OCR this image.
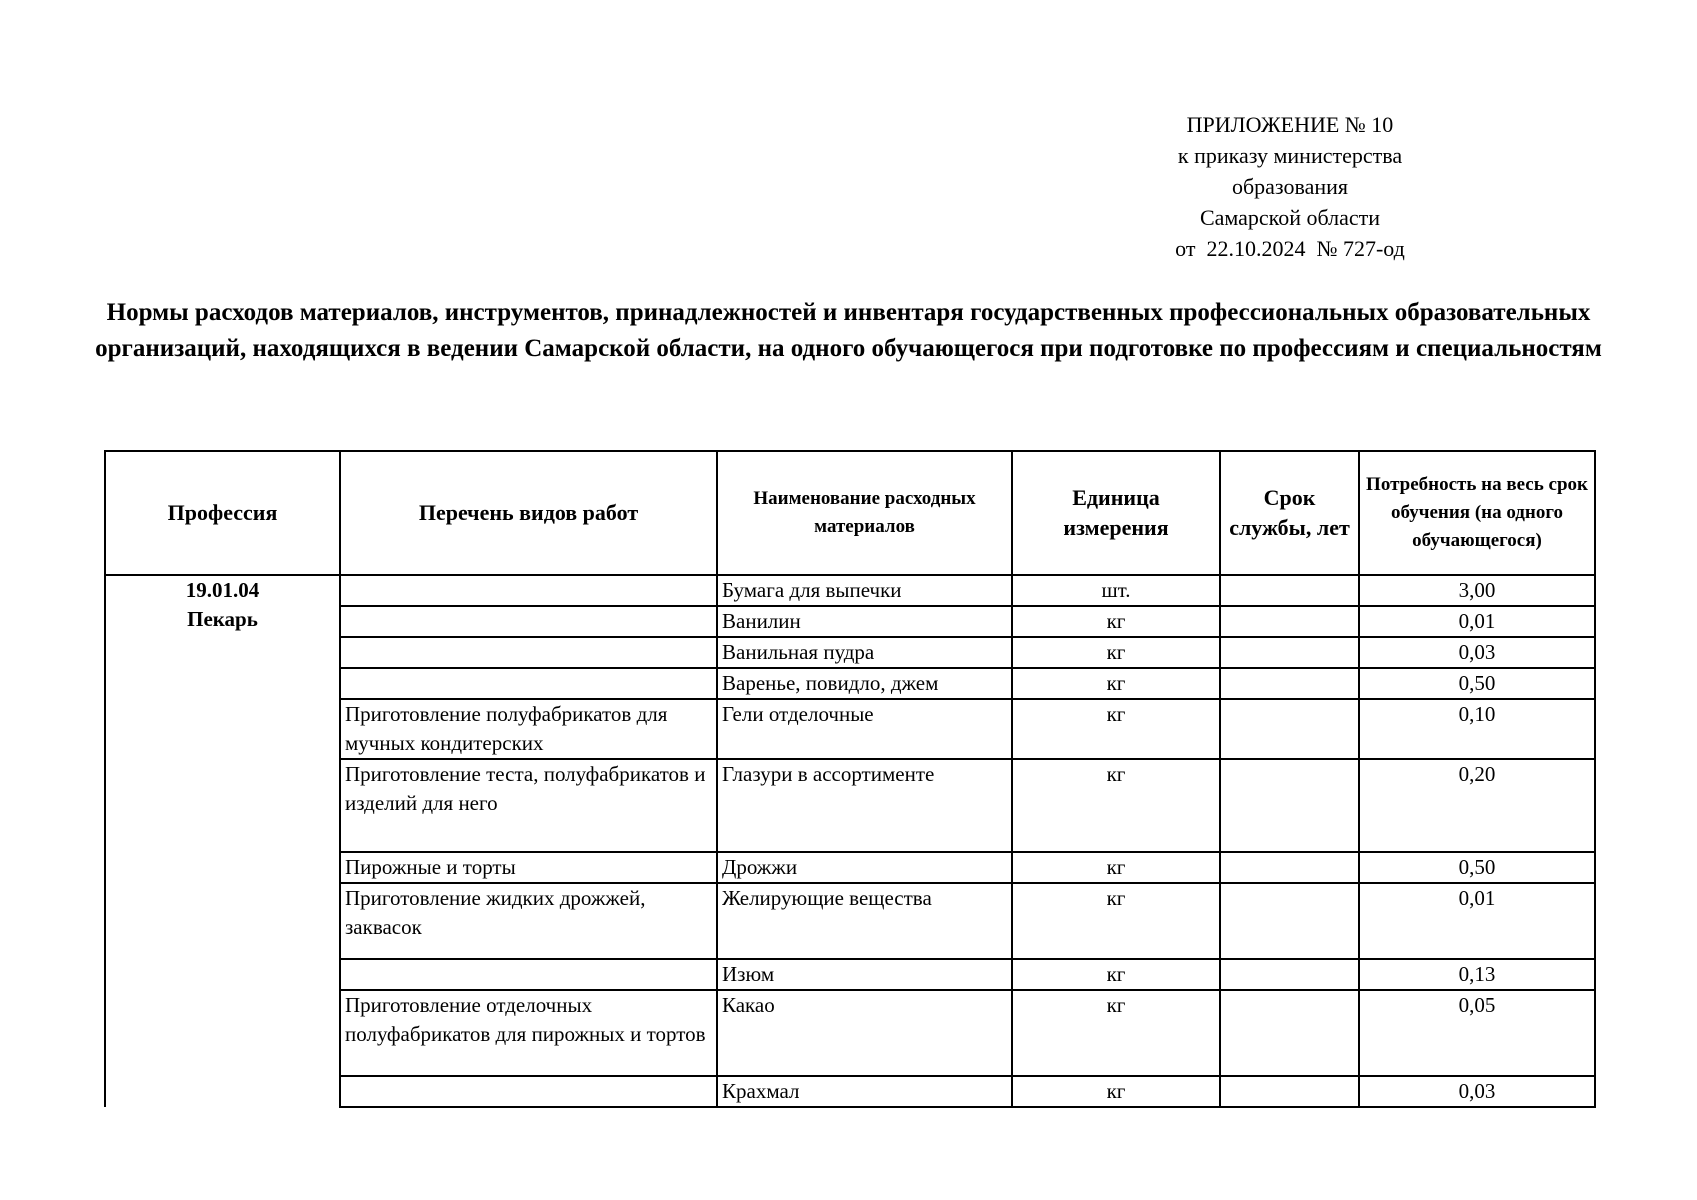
ПРИЛОЖЕНИЕ № 10
к приказу министерства
образования
Самарской области
от  22.10.2024  № 727-од
Нормы расходов материалов, инструментов, принадлежностей и инвентаря государственных профессиональных образовательных организаций, находящихся в ведении Самарской области, на одного обучающегося при подготовке по профессиям и специальностям
Профессия	Перечень видов работ	Наименование расходных материалов	Единица измерения	Срок службы, лет	Потребность на весь срок обучения (на одного обучающегося)

19.01.04
Пекарь		Бумага для выпечки	шт.		3,00
		Ванилин	кг		0,01
		Ванильная пудра	кг		0,03
		Варенье, повидло, джем	кг		0,50
	Приготовление полуфабрикатов для мучных кондитерских	Гели отделочные	кг		0,10
	Приготовление теста, полуфабрикатов и изделий для него	Глазури в ассортименте	кг		0,20
	Пирожные и торты	Дрожжи	кг		0,50
	Приготовление жидких дрожжей, заквасок	Желирующие вещества	кг		0,01
		Изюм	кг		0,13
	Приготовление отделочных полуфабрикатов для пирожных и тортов	Какао	кг		0,05
		Крахмал	кг		0,03
